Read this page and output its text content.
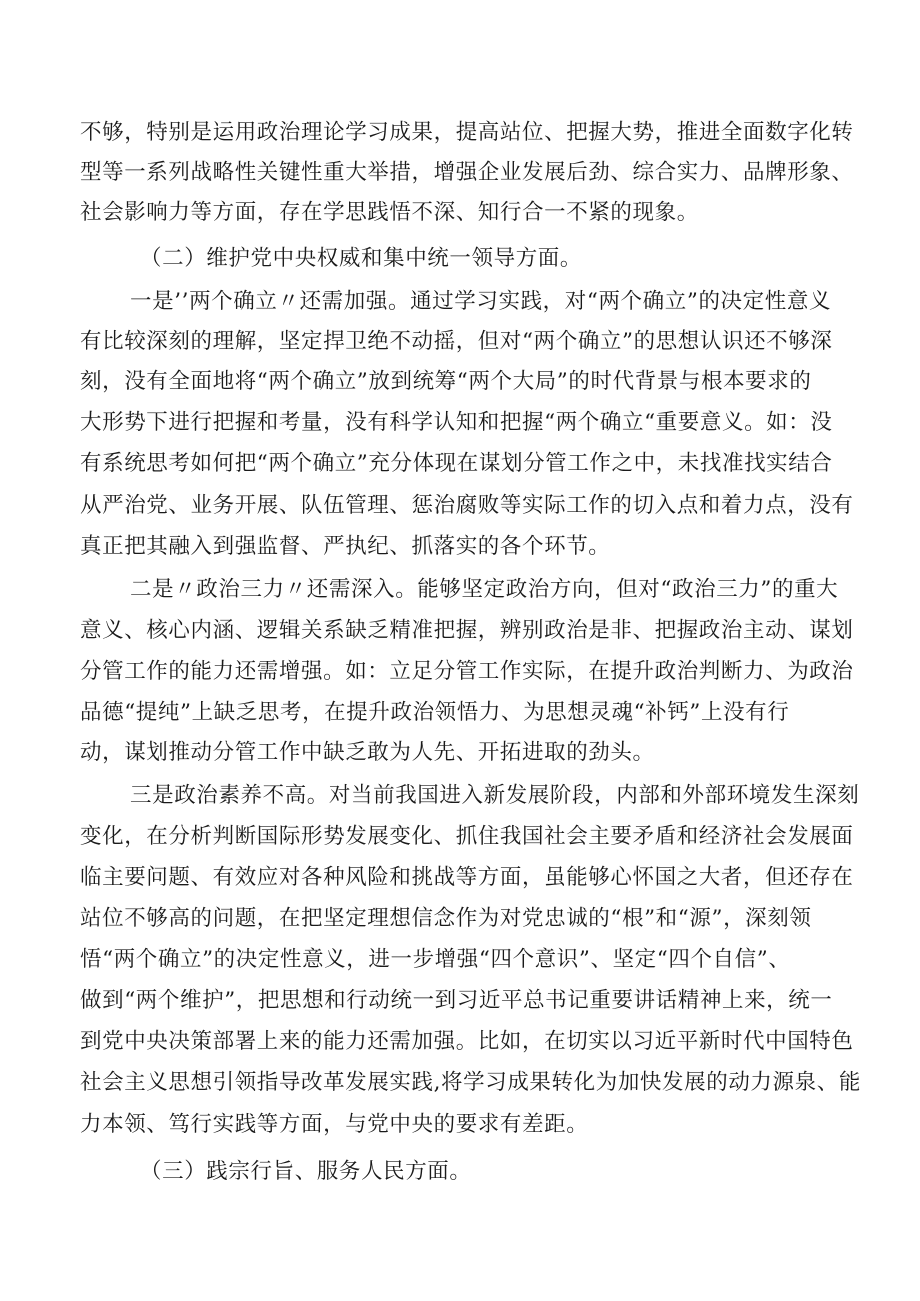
不够，特别是运用政治理论学习成果，提高站位、把握大势，推进全面数字化转
型等一系列战略性关键性重大举措，增强企业发展后劲、综合实力、品牌形象、
社会影响力等方面，存在学思践悟不深、知行合一不紧的现象。
（二）维护党中央权威和集中统一领导方面。
一是’’两个确立〃还需加强。通过学习实践，对“两个确立”的决定性意义
有比较深刻的理解，坚定捍卫绝不动摇，但对“两个确立”的思想认识还不够深
刻，没有全面地将“两个确立”放到统筹“两个大局”的时代背景与根本要求的
大形势下进行把握和考量，没有科学认知和把握“两个确立“重要意义。如：没
有系统思考如何把“两个确立”充分体现在谋划分管工作之中，未找准找实结合
从严治党、业务开展、队伍管理、惩治腐败等实际工作的切入点和着力点，没有
真正把其融入到强监督、严执纪、抓落实的各个环节。
二是〃政治三力〃还需深入。能够坚定政治方向，但对“政治三力”的重大
意义、核心内涵、逻辑关系缺乏精准把握，辨别政治是非、把握政治主动、谋划
分管工作的能力还需增强。如：立足分管工作实际，在提升政治判断力、为政治
品德“提纯”上缺乏思考，在提升政治领悟力、为思想灵魂“补钙”上没有行
动，谋划推动分管工作中缺乏敢为人先、开拓进取的劲头。
三是政治素养不高。对当前我国进入新发展阶段，内部和外部环境发生深刻
变化，在分析判断国际形势发展变化、抓住我国社会主要矛盾和经济社会发展面
临主要问题、有效应对各种风险和挑战等方面，虽能够心怀国之大者，但还存在
站位不够高的问题，在把坚定理想信念作为对党忠诚的“根”和“源”，深刻领
悟“两个确立”的决定性意义，进一步增强“四个意识”、坚定“四个自信”、
做到“两个维护”，把思想和行动统一到习近平总书记重要讲话精神上来，统一
到党中央决策部署上来的能力还需加强。比如，在切实以习近平新时代中国特色
社会主义思想引领指导改革发展实践,将学习成果转化为加快发展的动力源泉、能
力本领、笃行实践等方面，与党中央的要求有差距。
（三）践宗行旨、服务人民方面。
